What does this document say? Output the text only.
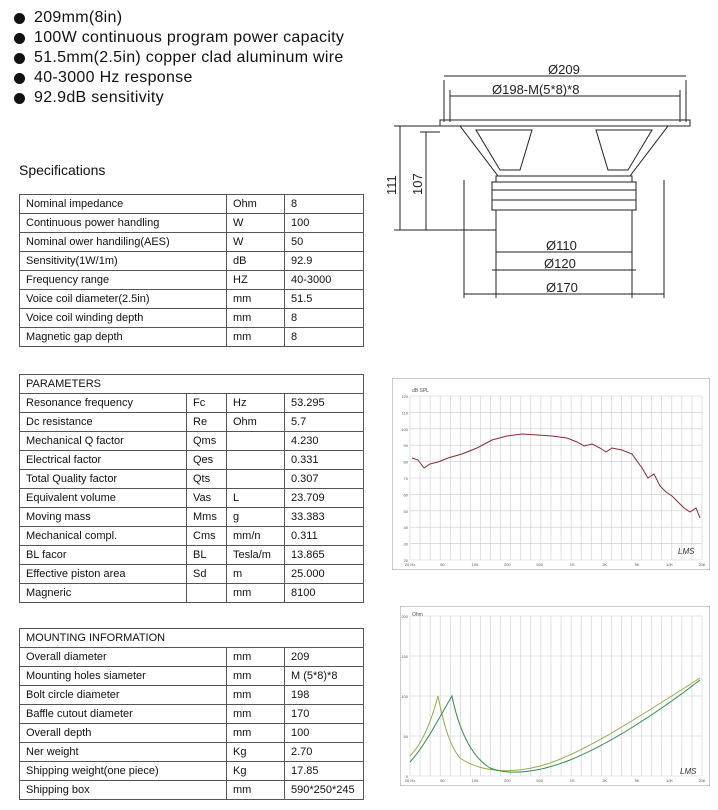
209mm(8in)
100W continuous program power capacity
51.5mm(2.5in) copper clad aluminum wire
40-3000 Hz response
92.9dB sensitivity
Specifications
Nominal impedance	Ohm	8
Continuous power handling	W	100
Nominal ower handiling(AES)	W	50
Sensitivity(1W/1m)	dB	92.9
Frequency range	HZ	40-3000
Voice coil diameter(2.5in)	mm	51.5
Voice coil winding depth	mm	8
Magnetic gap depth	mm	8
PARAMETERS			
Resonance frequency	Fc	Hz	53.295
Dc resistance	Re	Ohm	5.7
Mechanical Q factor	Qms		4.230
Electrical factor	Qes		0.331
Total Quality factor	Qts		0.307
Equivalent volume	Vas	L	23.709
Moving mass	Mms	g	33.383
Mechanical compl.	Cms	mm/n	0.311
BL facor	BL	Tesla/m	13.865
Effective piston area	Sd	m	25.000
Magneric		mm	8100
MOUNTING INFORMATION		
Overall diameter	mm	209
Mounting holes siameter	mm	M (5*8)*8
Bolt circle diameter	mm	198
Baffle cutout diameter	mm	170
Overall depth	mm	100
Ner weight	Kg	2.70
Shipping weight(one piece)	Kg	17.85
Shipping box	mm	590*250*245
Ø209
Ø198-M(5*8)*8
Ø110
Ø120
Ø170
111 107
120
110
100
90
80
70
60
50
40
30
20
20 Hz	50	100	200	500	1K	2K	5K	10K	20K
dB SPL
LMS
200
150
100
50
0
20 Hz	50	100	200	500	1K	2K	5K	10K	20K
Ohm
LMS
